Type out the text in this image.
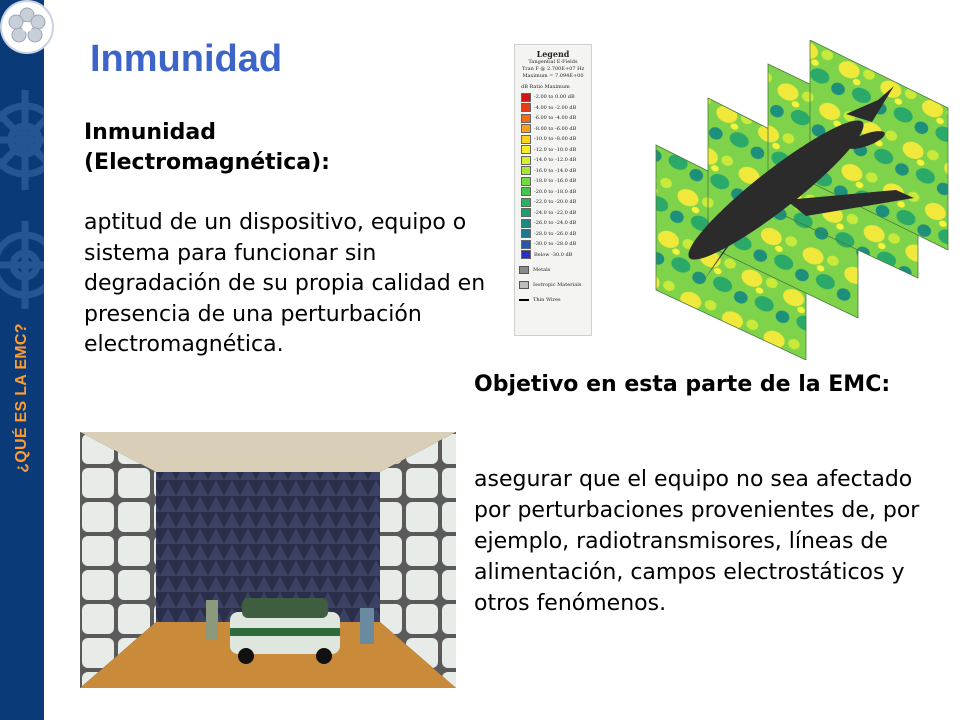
¿QUÉ ES LA EMC?
Inmunidad
Inmunidad (Electromagnética):
aptitud de un dispositivo, equipo o sistema para funcionar sin degradación de su propia calidad en presencia de una perturbación electromagnética.
Legend
Tangential E-Fields
Tran F @ 2.700E+07 Hz
Maximum = 7.094E+00
dB Ratio Maximum
-2.00 to 0.00 dB
-4.00 to -2.00 dB
-6.00 to -4.00 dB
-8.00 to -6.00 dB
-10.0 to -8.00 dB
-12.0 to -10.0 dB
-14.0 to -12.0 dB
-16.0 to -14.0 dB
-18.0 to -16.0 dB
-20.0 to -18.0 dB
-22.0 to -20.0 dB
-24.0 to -22.0 dB
-26.0 to -24.0 dB
-28.0 to -26.0 dB
-30.0 to -28.0 dB
Below -30.0 dB
Metals
Isotropic Materials
Thin Wires
Objetivo en esta parte de la EMC:
asegurar que el equipo no sea afectado por perturbaciones provenientes de, por ejemplo, radiotransmisores, líneas de alimentación, campos electrostáticos y otros fenómenos.
